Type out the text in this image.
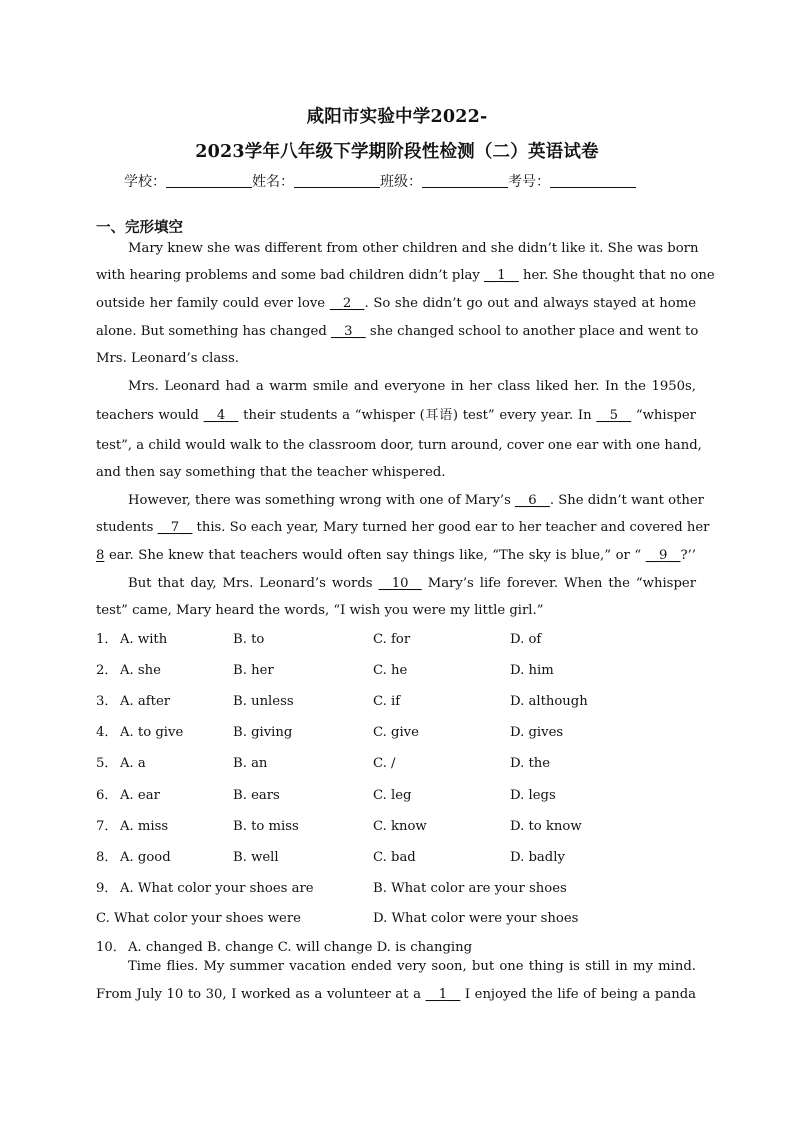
咸阳市实验中学2022-
2023学年八年级下学期阶段性检测（二）英语试卷
学校：	姓名：	班级：	考号：
一、完形填空
Mary knew she was different from other children and she didn’t like it. She was born
with hearing problems and some bad children didn’t play __1__ her. She thought that no one
outside her family could ever love __2__. So she didn’t go out and always stayed at home
alone. But something has changed __3__ she changed school to another place and went to
Mrs. Leonard’s class.
Mrs. Leonard had a warm smile and everyone in her class liked her. In the 1950s,
teachers would __4__ their students a “whisper (耳语) test” every year. In __5__ “whisper
test”, a child would walk to the classroom door, turn around, cover one ear with one hand,
and then say something that the teacher whispered.
However, there was something wrong with one of Mary’s __6__. She didn’t want other
students __7__ this. So each year, Mary turned her good ear to her teacher and covered her
8 ear. She knew that teachers would often say things like, “The sky is blue,” or “ __9__?’’
But that day, Mrs. Leonard’s words __10__ Mary’s life forever. When the “whisper
test” came, Mary heard the words, “I wish you were my little girl.”
1． A. with	B. to	C. for	D. of
2． A. she	B. her	C. he	D. him
3． A. after	B. unless	C. if	D. although
4． A. to give	B. giving	C. give	D. gives
5． A. a	B. an	C. /	D. the
6． A. ear	B. ears	C. leg	D. legs
7． A. miss	B. to miss	C. know	D. to know
8． A. good	B. well	C. bad	D. badly
9． A. What color your shoes are	B. What color are your shoes
C. What color your shoes were	D. What color were your shoes
10． A. changed B. change C. will change D. is changing
Time flies. My summer vacation ended very soon, but one thing is still in my mind.
From July 10 to 30, I worked as a volunteer at a __1__ I enjoyed the life of being a panda
